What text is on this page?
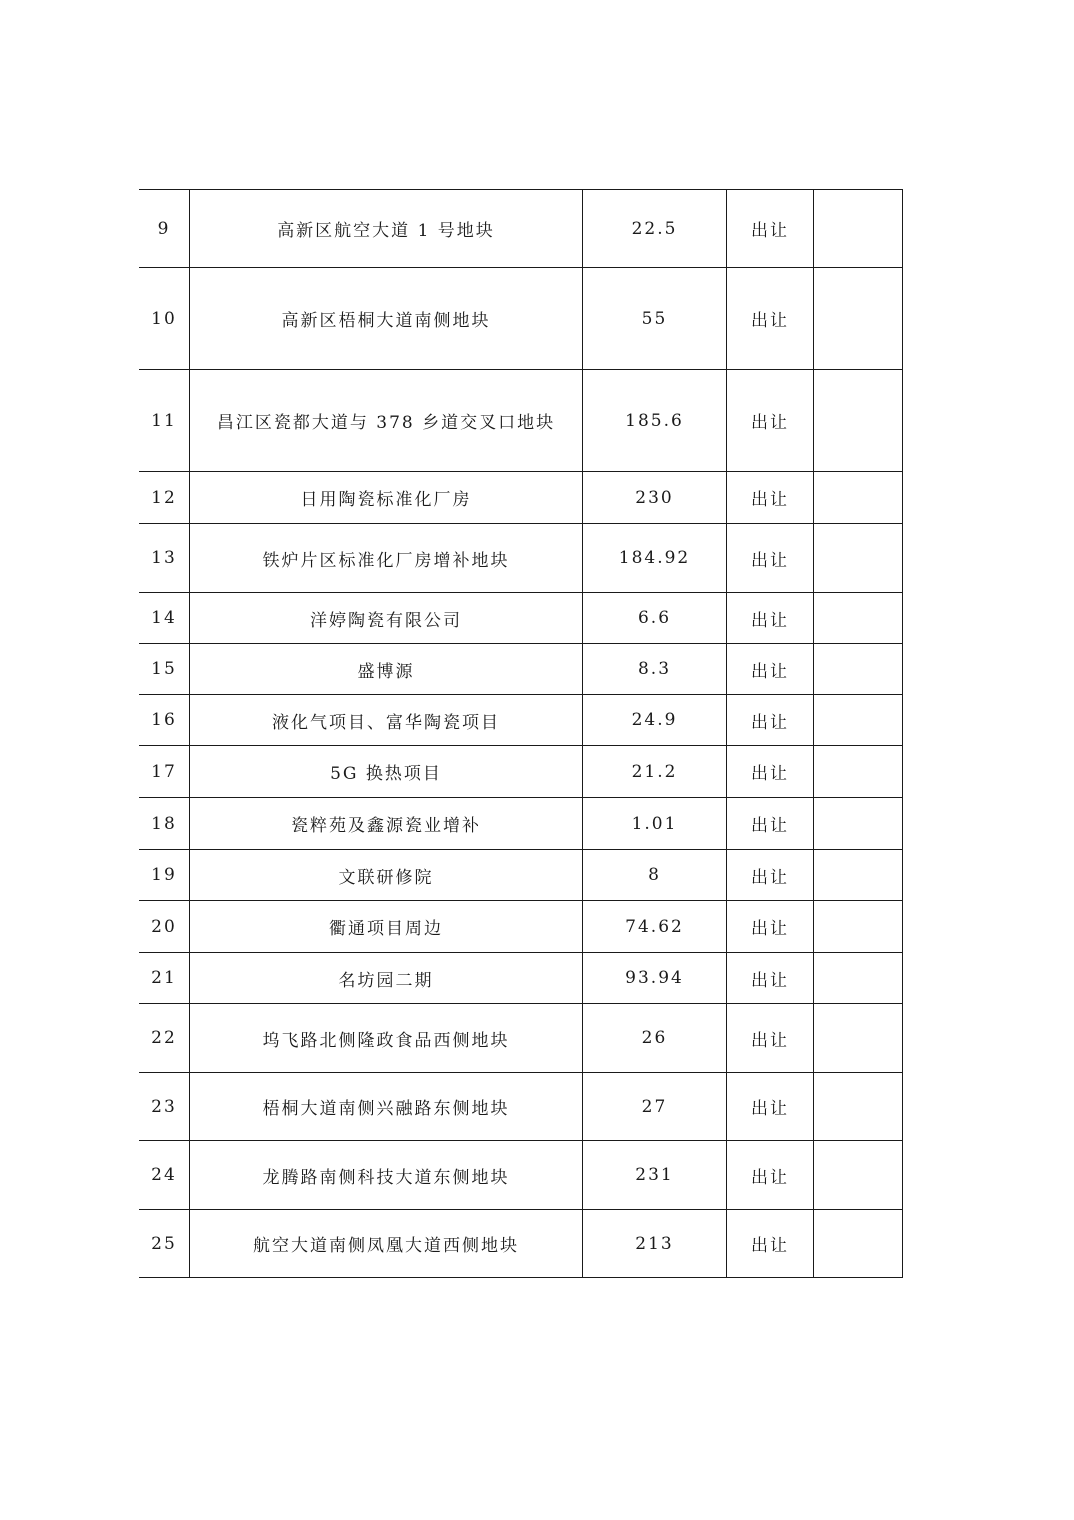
9	高新区航空大道 1 号地块	22.5	出让	
10	高新区梧桐大道南侧地块	55	出让	
11	昌江区瓷都大道与 378 乡道交叉口地块	185.6	出让	
12	日用陶瓷标准化厂房	230	出让	
13	铁炉片区标准化厂房增补地块	184.92	出让	
14	洋婷陶瓷有限公司	6.6	出让	
15	盛博源	8.3	出让	
16	液化气项目、富华陶瓷项目	24.9	出让	
17	5G 换热项目	21.2	出让	
18	瓷粹苑及鑫源瓷业增补	1.01	出让	
19	文联研修院	8	出让	
20	衢通项目周边	74.62	出让	
21	名坊园二期	93.94	出让	
22	坞飞路北侧隆政食品西侧地块	26	出让	
23	梧桐大道南侧兴融路东侧地块	27	出让	
24	龙腾路南侧科技大道东侧地块	231	出让	
25	航空大道南侧凤凰大道西侧地块	213	出让	
